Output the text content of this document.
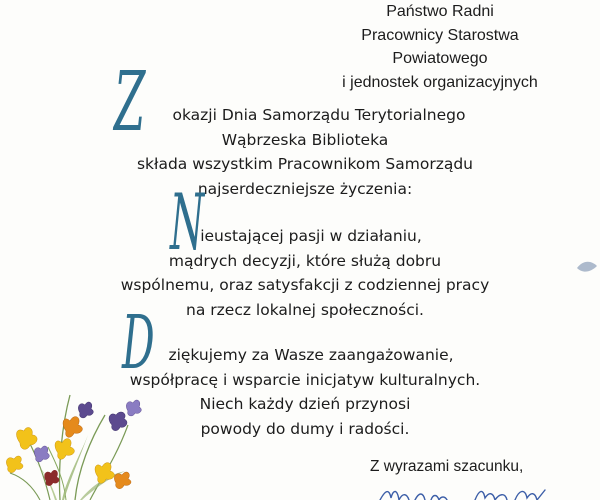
Państwo Radni
Pracownicy Starostwa
Powiatowego
i jednostek organizacyjnych
Z	okazji Dnia Samorządu Terytorialnego
Wąbrzeska Biblioteka
składa wszystkim Pracownikom Samorządu
najserdeczniejsze życzenia:
N
ieustającej pasji w działaniu,
mądrych decyzji, które służą dobru
wspólnemu, oraz satysfakcji z codziennej pracy
na rzecz lokalnej społeczności.
D ziękujemy za Wasze zaangażowanie,
współpracę i wsparcie inicjatyw kulturalnych.
Niech każdy dzień przynosi
powody do dumy i radości.
Z wyrazami szacunku,
